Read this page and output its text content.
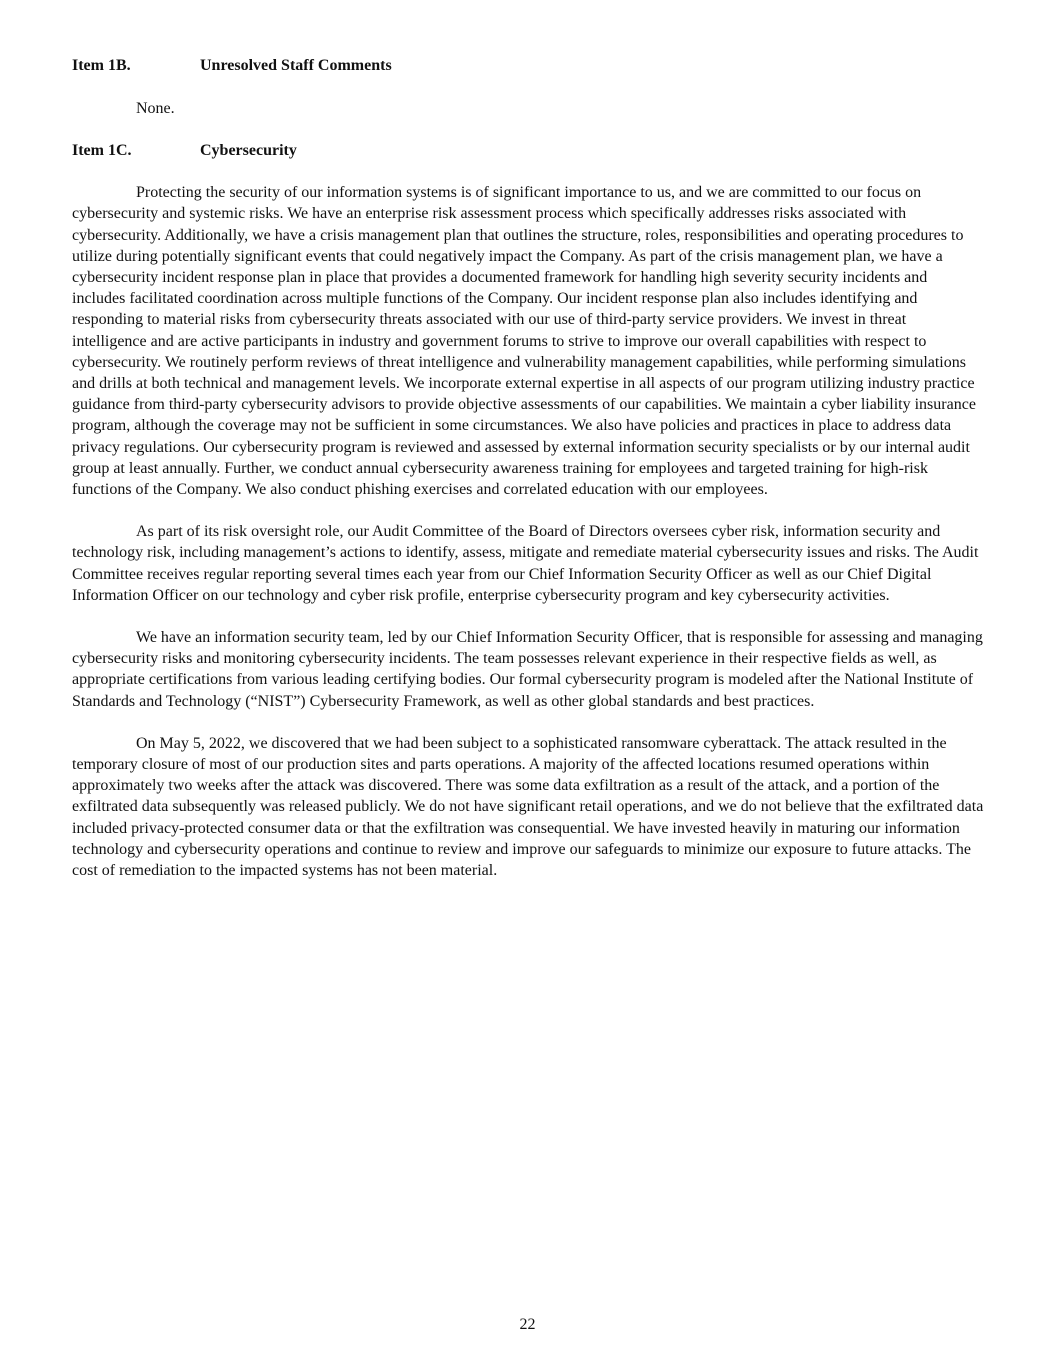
Item 1B.	Unresolved Staff Comments
None.
Item 1C.	Cybersecurity

Protecting the security of our information systems is of significant importance to us, and we are committed to our focus on cybersecurity and systemic risks. We have an enterprise risk assessment process which specifically addresses risks associated with cybersecurity. Additionally, we have a crisis management plan that outlines the structure, roles, responsibilities and operating procedures to utilize during potentially significant events that could negatively impact the Company. As part of the crisis management plan, we have a cybersecurity incident response plan in place that provides a documented framework for handling high severity security incidents and includes facilitated coordination across multiple functions of the Company. Our incident response plan also includes identifying and responding to material risks from cybersecurity threats associated with our use of third-party service providers. We invest in threat intelligence and are active participants in industry and government forums to strive to improve our overall capabilities with respect to cybersecurity. We routinely perform reviews of threat intelligence and vulnerability management capabilities, while performing simulations and drills at both technical and management levels. We incorporate external expertise in all aspects of our program utilizing industry practice guidance from third-party cybersecurity advisors to provide objective assessments of our capabilities. We maintain a cyber liability insurance program, although the coverage may not be sufficient in some circumstances. We also have policies and practices in place to address data privacy regulations. Our cybersecurity program is reviewed and assessed by external information security specialists or by our internal audit group at least annually. Further, we conduct annual cybersecurity awareness training for employees and targeted training for high-risk functions of the Company. We also conduct phishing exercises and correlated education with our employees.

As part of its risk oversight role, our Audit Committee of the Board of Directors oversees cyber risk, information security and technology risk, including management’s actions to identify, assess, mitigate and remediate material cybersecurity issues and risks. The Audit Committee receives regular reporting several times each year from our Chief Information Security Officer as well as our Chief Digital Information Officer on our technology and cyber risk profile, enterprise cybersecurity program and key cybersecurity activities.

We have an information security team, led by our Chief Information Security Officer, that is responsible for assessing and managing cybersecurity risks and monitoring cybersecurity incidents. The team possesses relevant experience in their respective fields as well, as appropriate certifications from various leading certifying bodies. Our formal cybersecurity program is modeled after the National Institute of Standards and Technology (“NIST”) Cybersecurity Framework, as well as other global standards and best practices.

On May 5, 2022, we discovered that we had been subject to a sophisticated ransomware cyberattack. The attack resulted in the temporary closure of most of our production sites and parts operations. A majority of the affected locations resumed operations within approximately two weeks after the attack was discovered. There was some data exfiltration as a result of the attack, and a portion of the exfiltrated data subsequently was released publicly. We do not have significant retail operations, and we do not believe that the exfiltrated data included privacy-protected consumer data or that the exfiltration was consequential. We have invested heavily in maturing our information technology and cybersecurity operations and continue to review and improve our safeguards to minimize our exposure to future attacks. The cost of remediation to the impacted systems has not been material.

22
